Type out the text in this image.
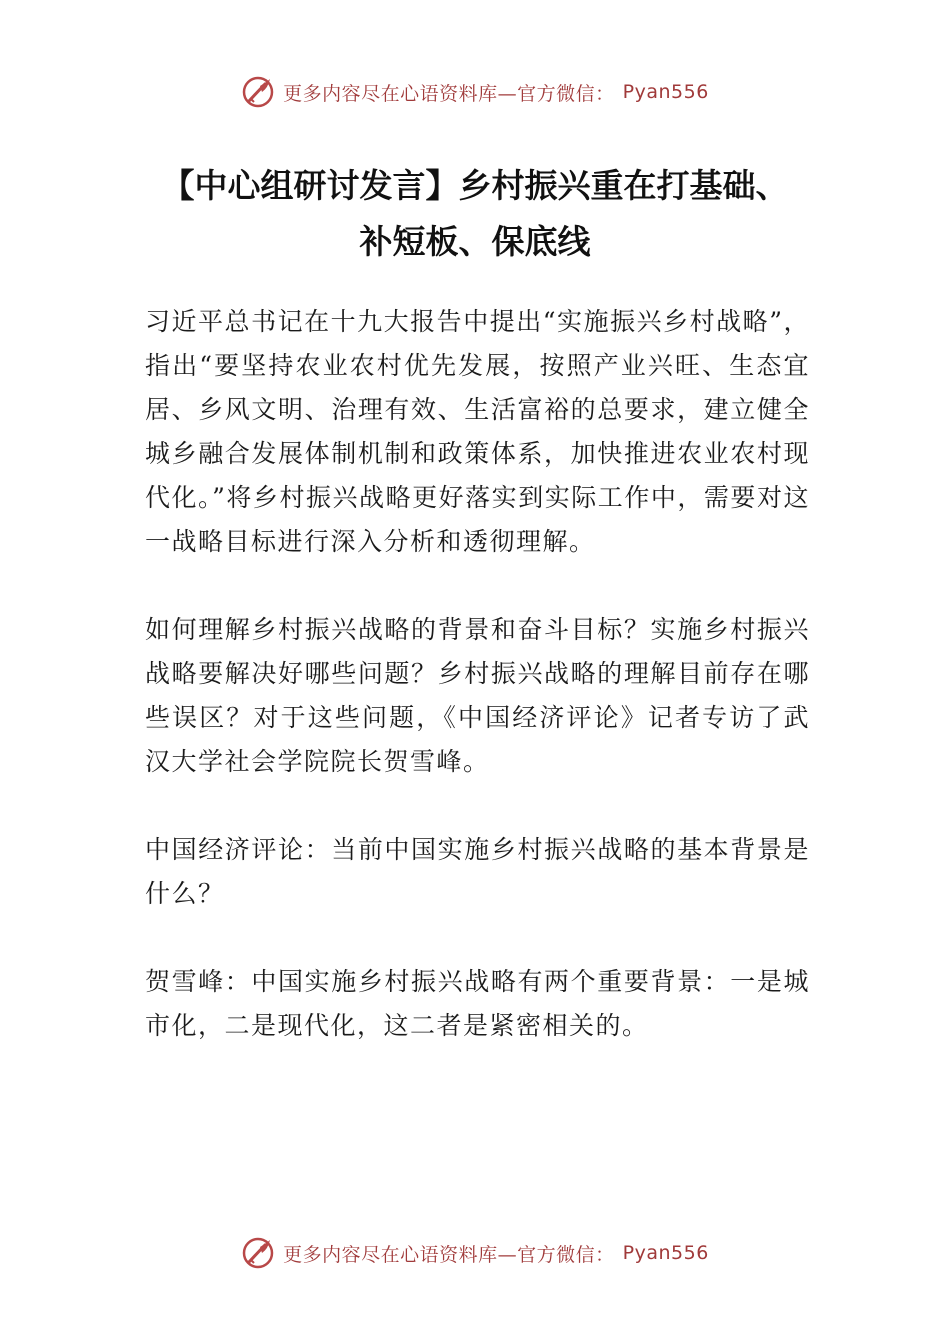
更多内容尽在心语资料库—官方微信： Pyan556
【中心组研讨发言】乡村振兴重在打基础、
补短板、保底线

习近平总书记在十九大报告中提出“实施振兴乡村战略”，指出“要坚持农业农村优先发展，按照产业兴旺、生态宜居、乡风文明、治理有效、生活富裕的总要求，建立健全城乡融合发展体制机制和政策体系，加快推进农业农村现代化。”将乡村振兴战略更好落实到实际工作中，需要对这一战略目标进行深入分析和透彻理解。

如何理解乡村振兴战略的背景和奋斗目标？实施乡村振兴战略要解决好哪些问题？乡村振兴战略的理解目前存在哪些误区？对于这些问题，《中国经济评论》记者专访了武汉大学社会学院院长贺雪峰。

中国经济评论：当前中国实施乡村振兴战略的基本背景是什么？

贺雪峰：中国实施乡村振兴战略有两个重要背景：一是城市化，二是现代化，这二者是紧密相关的。

更多内容尽在心语资料库—官方微信： Pyan556
